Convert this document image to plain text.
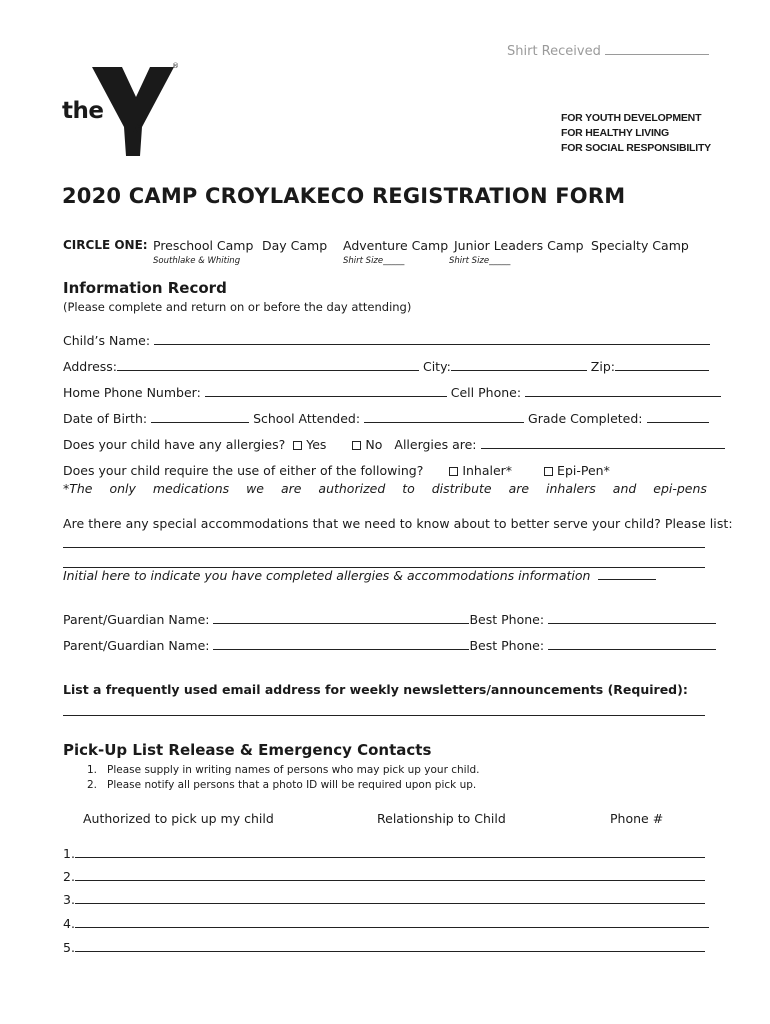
Shirt Received
the	YMCA
®
FOR YOUTH DEVELOPMENT
FOR HEALTHY LIVING
FOR SOCIAL RESPONSIBILITY
2020 CAMP CROYLAKECO REGISTRATION FORM
CIRCLE ONE: Preschool Camp Day Camp Adventure Camp Junior Leaders Camp Specialty Camp
Southlake & Whiting	Shirt Size_____	Shirt Size_____
Information Record
(Please complete and return on or before the day attending)
Child’s Name:
Address:	City:	Zip:
Home Phone Number:	Cell Phone:
Date of Birth:	School Attended:	Grade Completed:
Does your child have any allergies? Yes	No Allergies are:
Does your child require the use of either of the following?	Inhaler*	Epi-Pen*
*The only medications we are authorized to distribute are inhalers and epi-pens
Are there any special accommodations that we need to know about to better serve your child? Please list:
Initial here to indicate you have completed allergies & accommodations information
Parent/Guardian Name:	Best Phone:
Parent/Guardian Name:	Best Phone:
List a frequently used email address for weekly newsletters/announcements (Required):
Pick-Up List Release & Emergency Contacts
1.   Please supply in writing names of persons who may pick up your child.
2.   Please notify all persons that a photo ID will be required upon pick up.
Authorized to pick up my child	Relationship to Child	Phone #
1.
2.
3.
4.
5.
